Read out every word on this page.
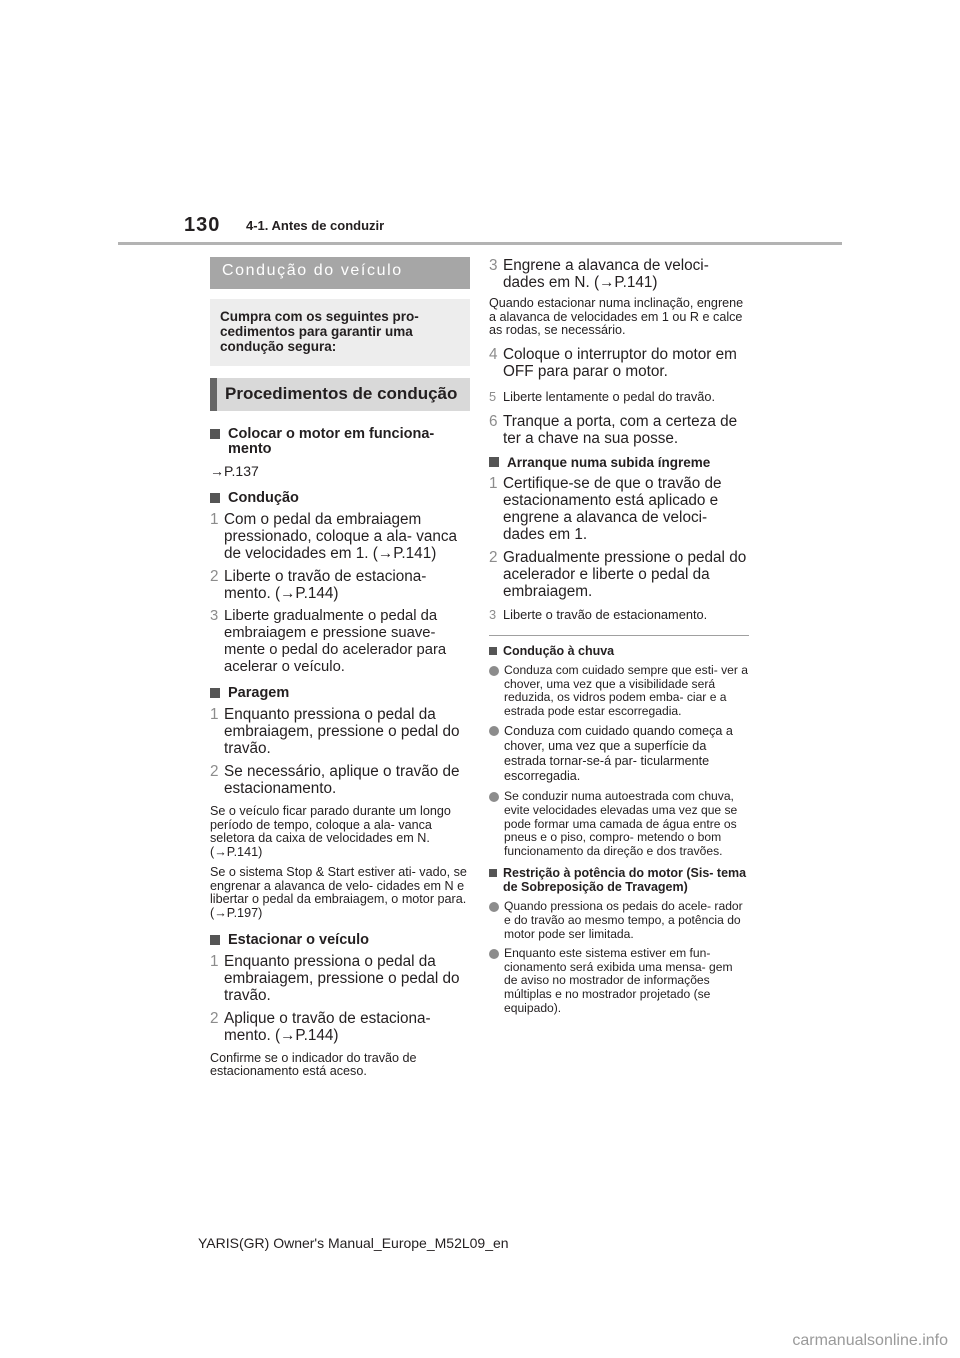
130 4-1. Antes de conduzir
Condução do veículo
Cumpra com os seguintes pro- cedimentos para garantir uma condução segura:
Procedimentos de condução
Colocar o motor em funciona- mento
→P.137
Condução
1 Com o pedal da embraiagem pressionado, coloque a ala- vanca de velocidades em 1. (→P.141)
2 Liberte o travão de estaciona- mento. (→P.144)
3 Liberte gradualmente o pedal da embraiagem e pressione suave- mente o pedal do acelerador para acelerar o veículo.
Paragem
1 Enquanto pressiona o pedal da embraiagem, pressione o pedal do travão.
2 Se necessário, aplique o travão de estacionamento.
Se o veículo ficar parado durante um longo período de tempo, coloque a ala- vanca seletora da caixa de velocidades em N. (→P.141)
Se o sistema Stop & Start estiver ati- vado, se engrenar a alavanca de velo- cidades em N e libertar o pedal da embraiagem, o motor para. (→P.197)
Estacionar o veículo
1 Enquanto pressiona o pedal da embraiagem, pressione o pedal do travão.
2 Aplique o travão de estaciona- mento. (→P.144)
Confirme se o indicador do travão de estacionamento está aceso.
3 Engrene a alavanca de veloci- dades em N. (→P.141)
Quando estacionar numa inclinação, engrene a alavanca de velocidades em 1 ou R e calce as rodas, se necessário.
4 Coloque o interruptor do motor em OFF para parar o motor.
5 Liberte lentamente o pedal do travão.
6 Tranque a porta, com a certeza de ter a chave na sua posse.
Arranque numa subida íngreme
1 Certifique-se de que o travão de estacionamento está aplicado e engrene a alavanca de veloci- dades em 1.
2 Gradualmente pressione o pedal do acelerador e liberte o pedal da embraiagem.
3 Liberte o travão de estacionamento.
Condução à chuva
Conduza com cuidado sempre que esti- ver a chover, uma vez que a visibilidade será reduzida, os vidros podem emba- ciar e a estrada pode estar escorregadia.
Conduza com cuidado quando começa a chover, uma vez que a superfície da estrada tornar-se-á par- ticularmente escorregadia.
Se conduzir numa autoestrada com chuva, evite velocidades elevadas uma vez que se pode formar uma camada de água entre os pneus e o piso, compro- metendo o bom funcionamento da direção e dos travões.
Restrição à potência do motor (Sis- tema de Sobreposição de Travagem)
Quando pressiona os pedais do acele- rador e do travão ao mesmo tempo, a potência do motor pode ser limitada.
Enquanto este sistema estiver em fun- cionamento será exibida uma mensa- gem de aviso no mostrador de informações múltiplas e no mostrador projetado (se equipado).
YARIS(GR) Owner's Manual_Europe_M52L09_en
carmanualsonline.info
